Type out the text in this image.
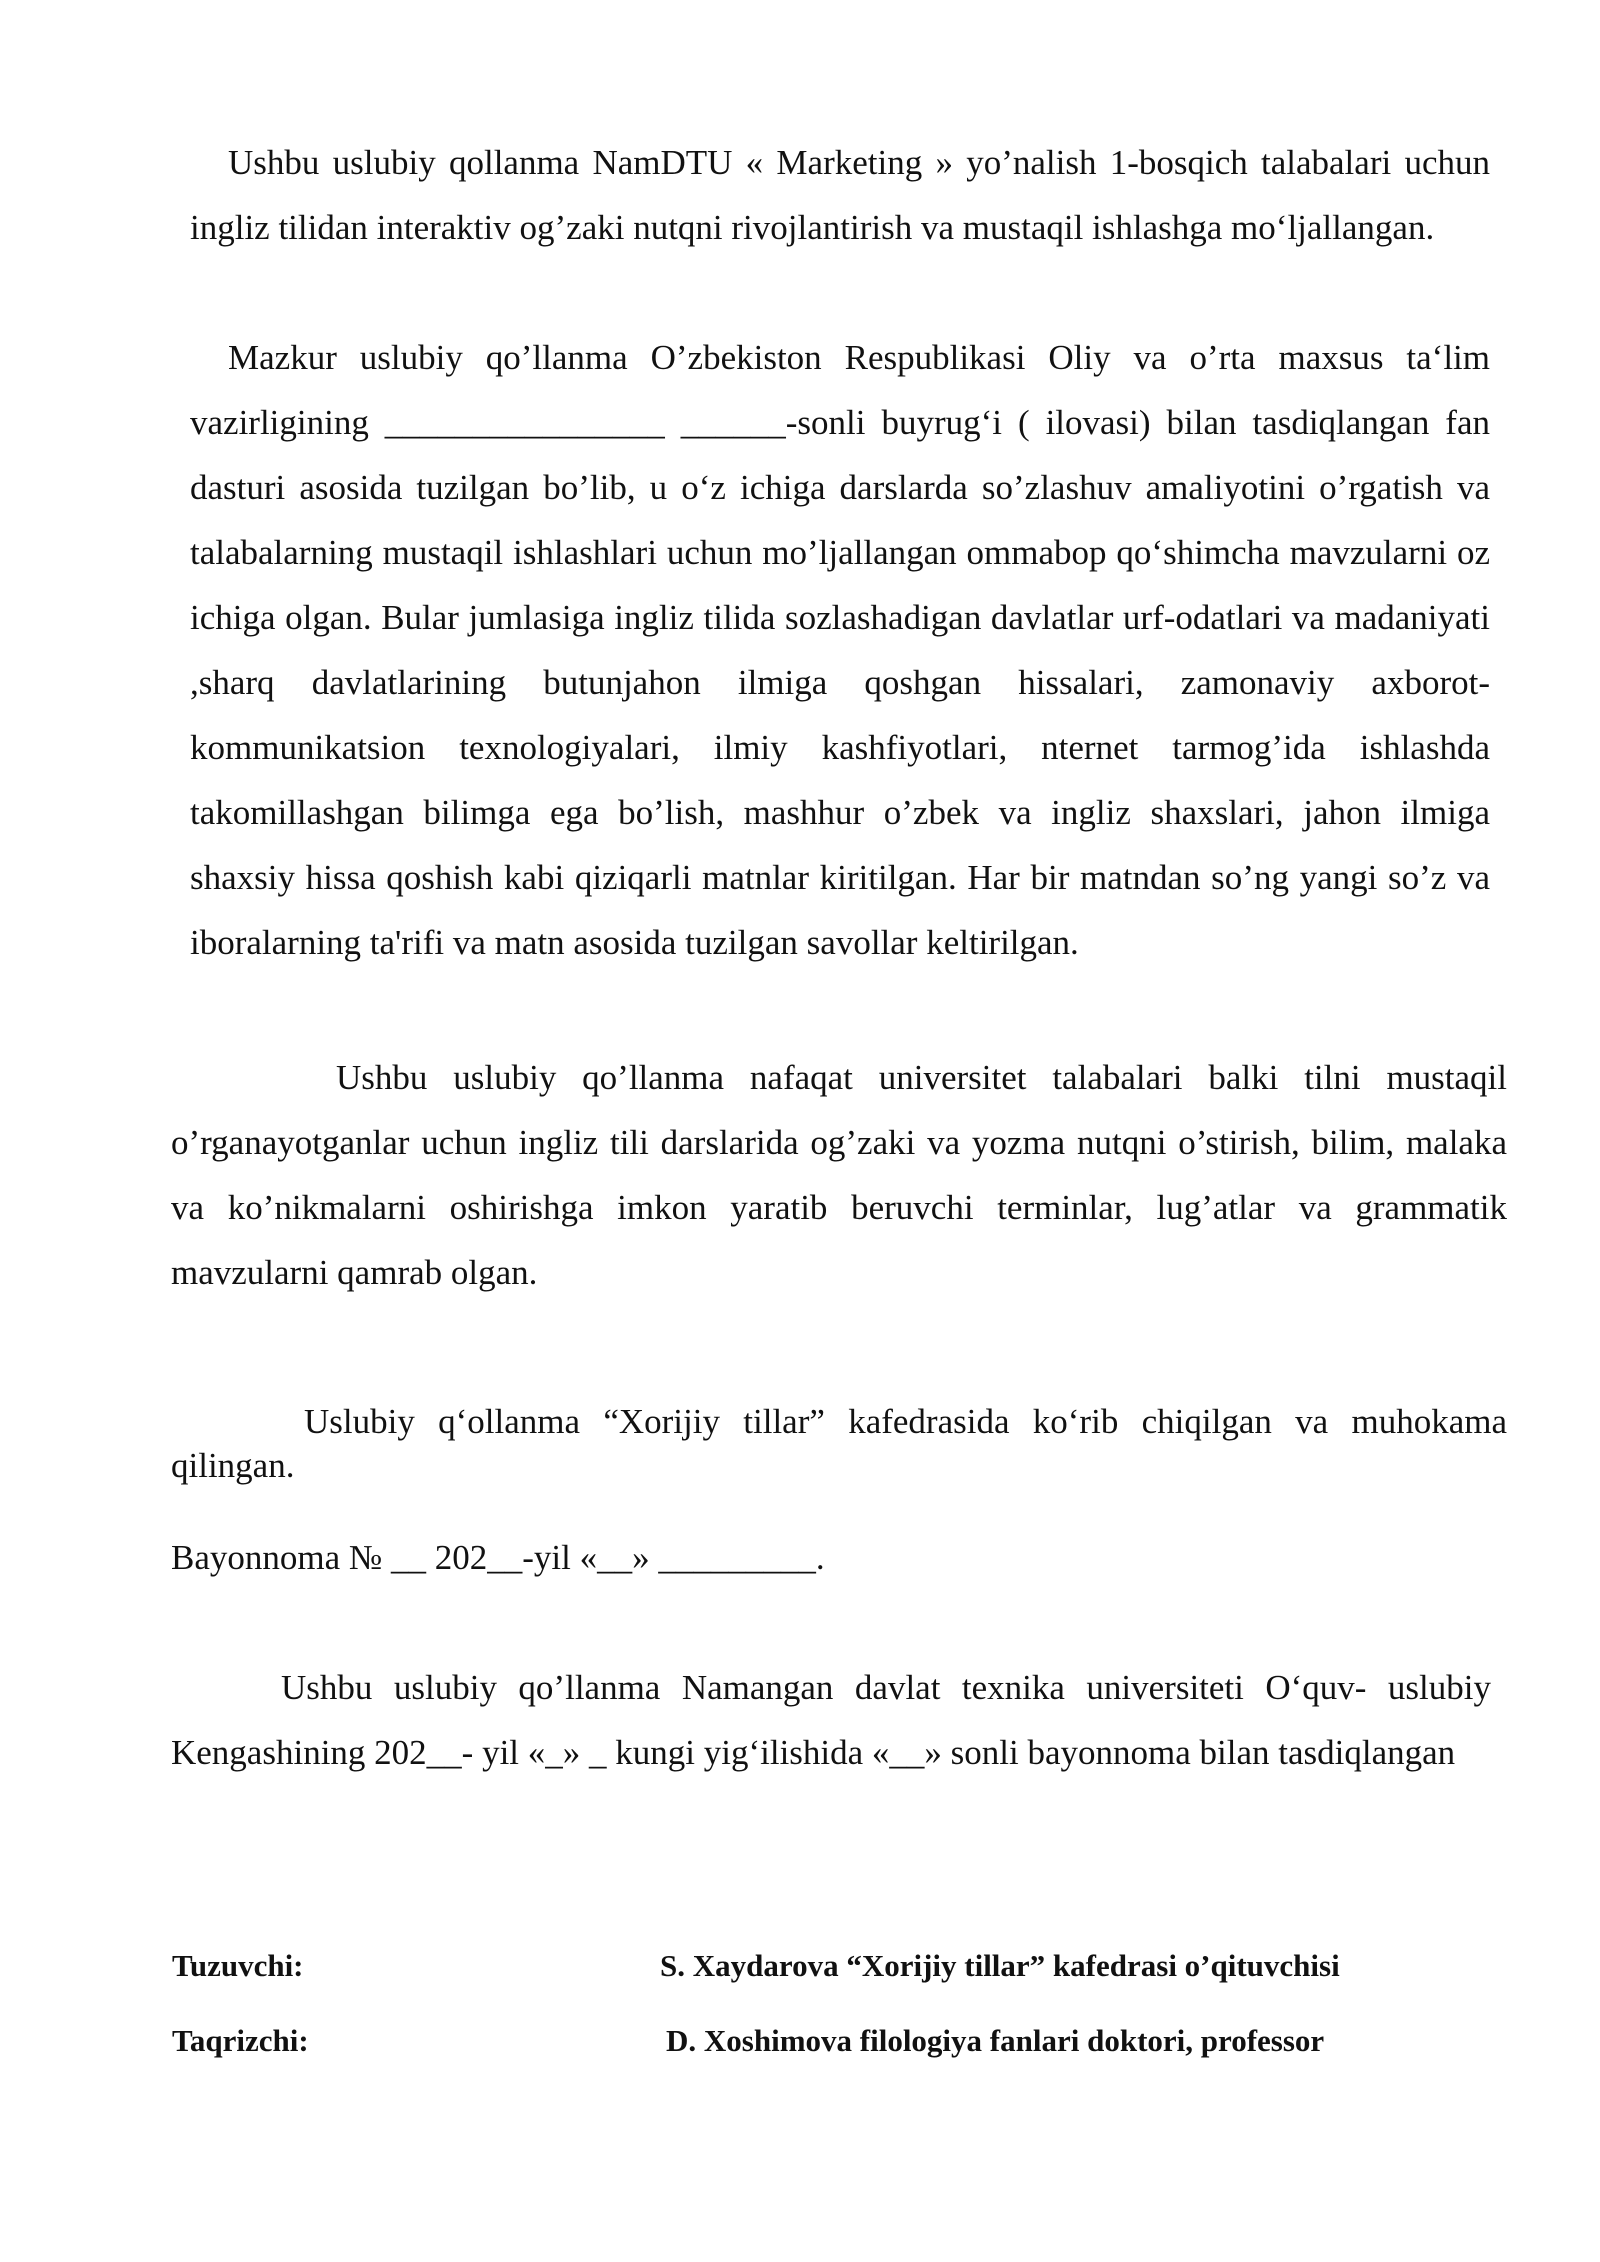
Ushbu uslubiy qollanma NamDTU « Marketing » yo’nalish 1-bosqich talabalari uchun ingliz tilidan interaktiv og’zaki nutqni rivojlantirish va mustaqil ishlashga mo‘ljallangan.

Mazkur uslubiy qo’llanma O’zbekiston Respublikasi Oliy va o’rta maxsus ta‘lim vazirligining ________________ ______-sonli buyrug‘i ( ilovasi) bilan tasdiqlangan fan dasturi asosida tuzilgan bo’lib, u o‘z ichiga darslarda so’zlashuv amaliyotini o’rgatish va talabalarning mustaqil ishlashlari uchun mo’ljallangan ommabop qo‘shimcha mavzularni oz ichiga olgan. Bular jumlasiga ingliz tilida sozlashadigan davlatlar urf-odatlari va madaniyati ,sharq davlatlarining butunjahon ilmiga qoshgan hissalari, zamonaviy axborot-kommunikatsion texnologiyalari, ilmiy kashfiyotlari, nternet tarmog’ida ishlashda takomillashgan bilimga ega bo’lish, mashhur o’zbek va ingliz shaxslari, jahon ilmiga shaxsiy hissa qoshish kabi qiziqarli matnlar kiritilgan. Har bir matndan so’ng yangi so’z va iboralarning ta'rifi va matn asosida tuzilgan savollar keltirilgan.

Ushbu uslubiy qo’llanma nafaqat universitet talabalari balki tilni mustaqil o’rganayotganlar uchun ingliz tili darslarida og’zaki va yozma nutqni o’stirish, bilim, malaka va ko’nikmalarni oshirishga imkon yaratib beruvchi terminlar, lug’atlar va grammatik mavzularni qamrab olgan.

Uslubiy q‘ollanma “Xorijiy tillar” kafedrasida ko‘rib chiqilgan va muhokama qilingan.

Bayonnoma № __ 202__-yil «__» _________.

Ushbu uslubiy qo’llanma Namangan davlat texnika universiteti O‘quv- uslubiy Kengashining 202__- yil «_» _ kungi yig‘ilishida «__» sonli bayonnoma bilan tasdiqlangan

Tuzuvchi:	S. Xaydarova “Xorijiy tillar” kafedrasi o’qituvchisi
Taqrizchi:	D. Xoshimova filologiya fanlari doktori, professor
